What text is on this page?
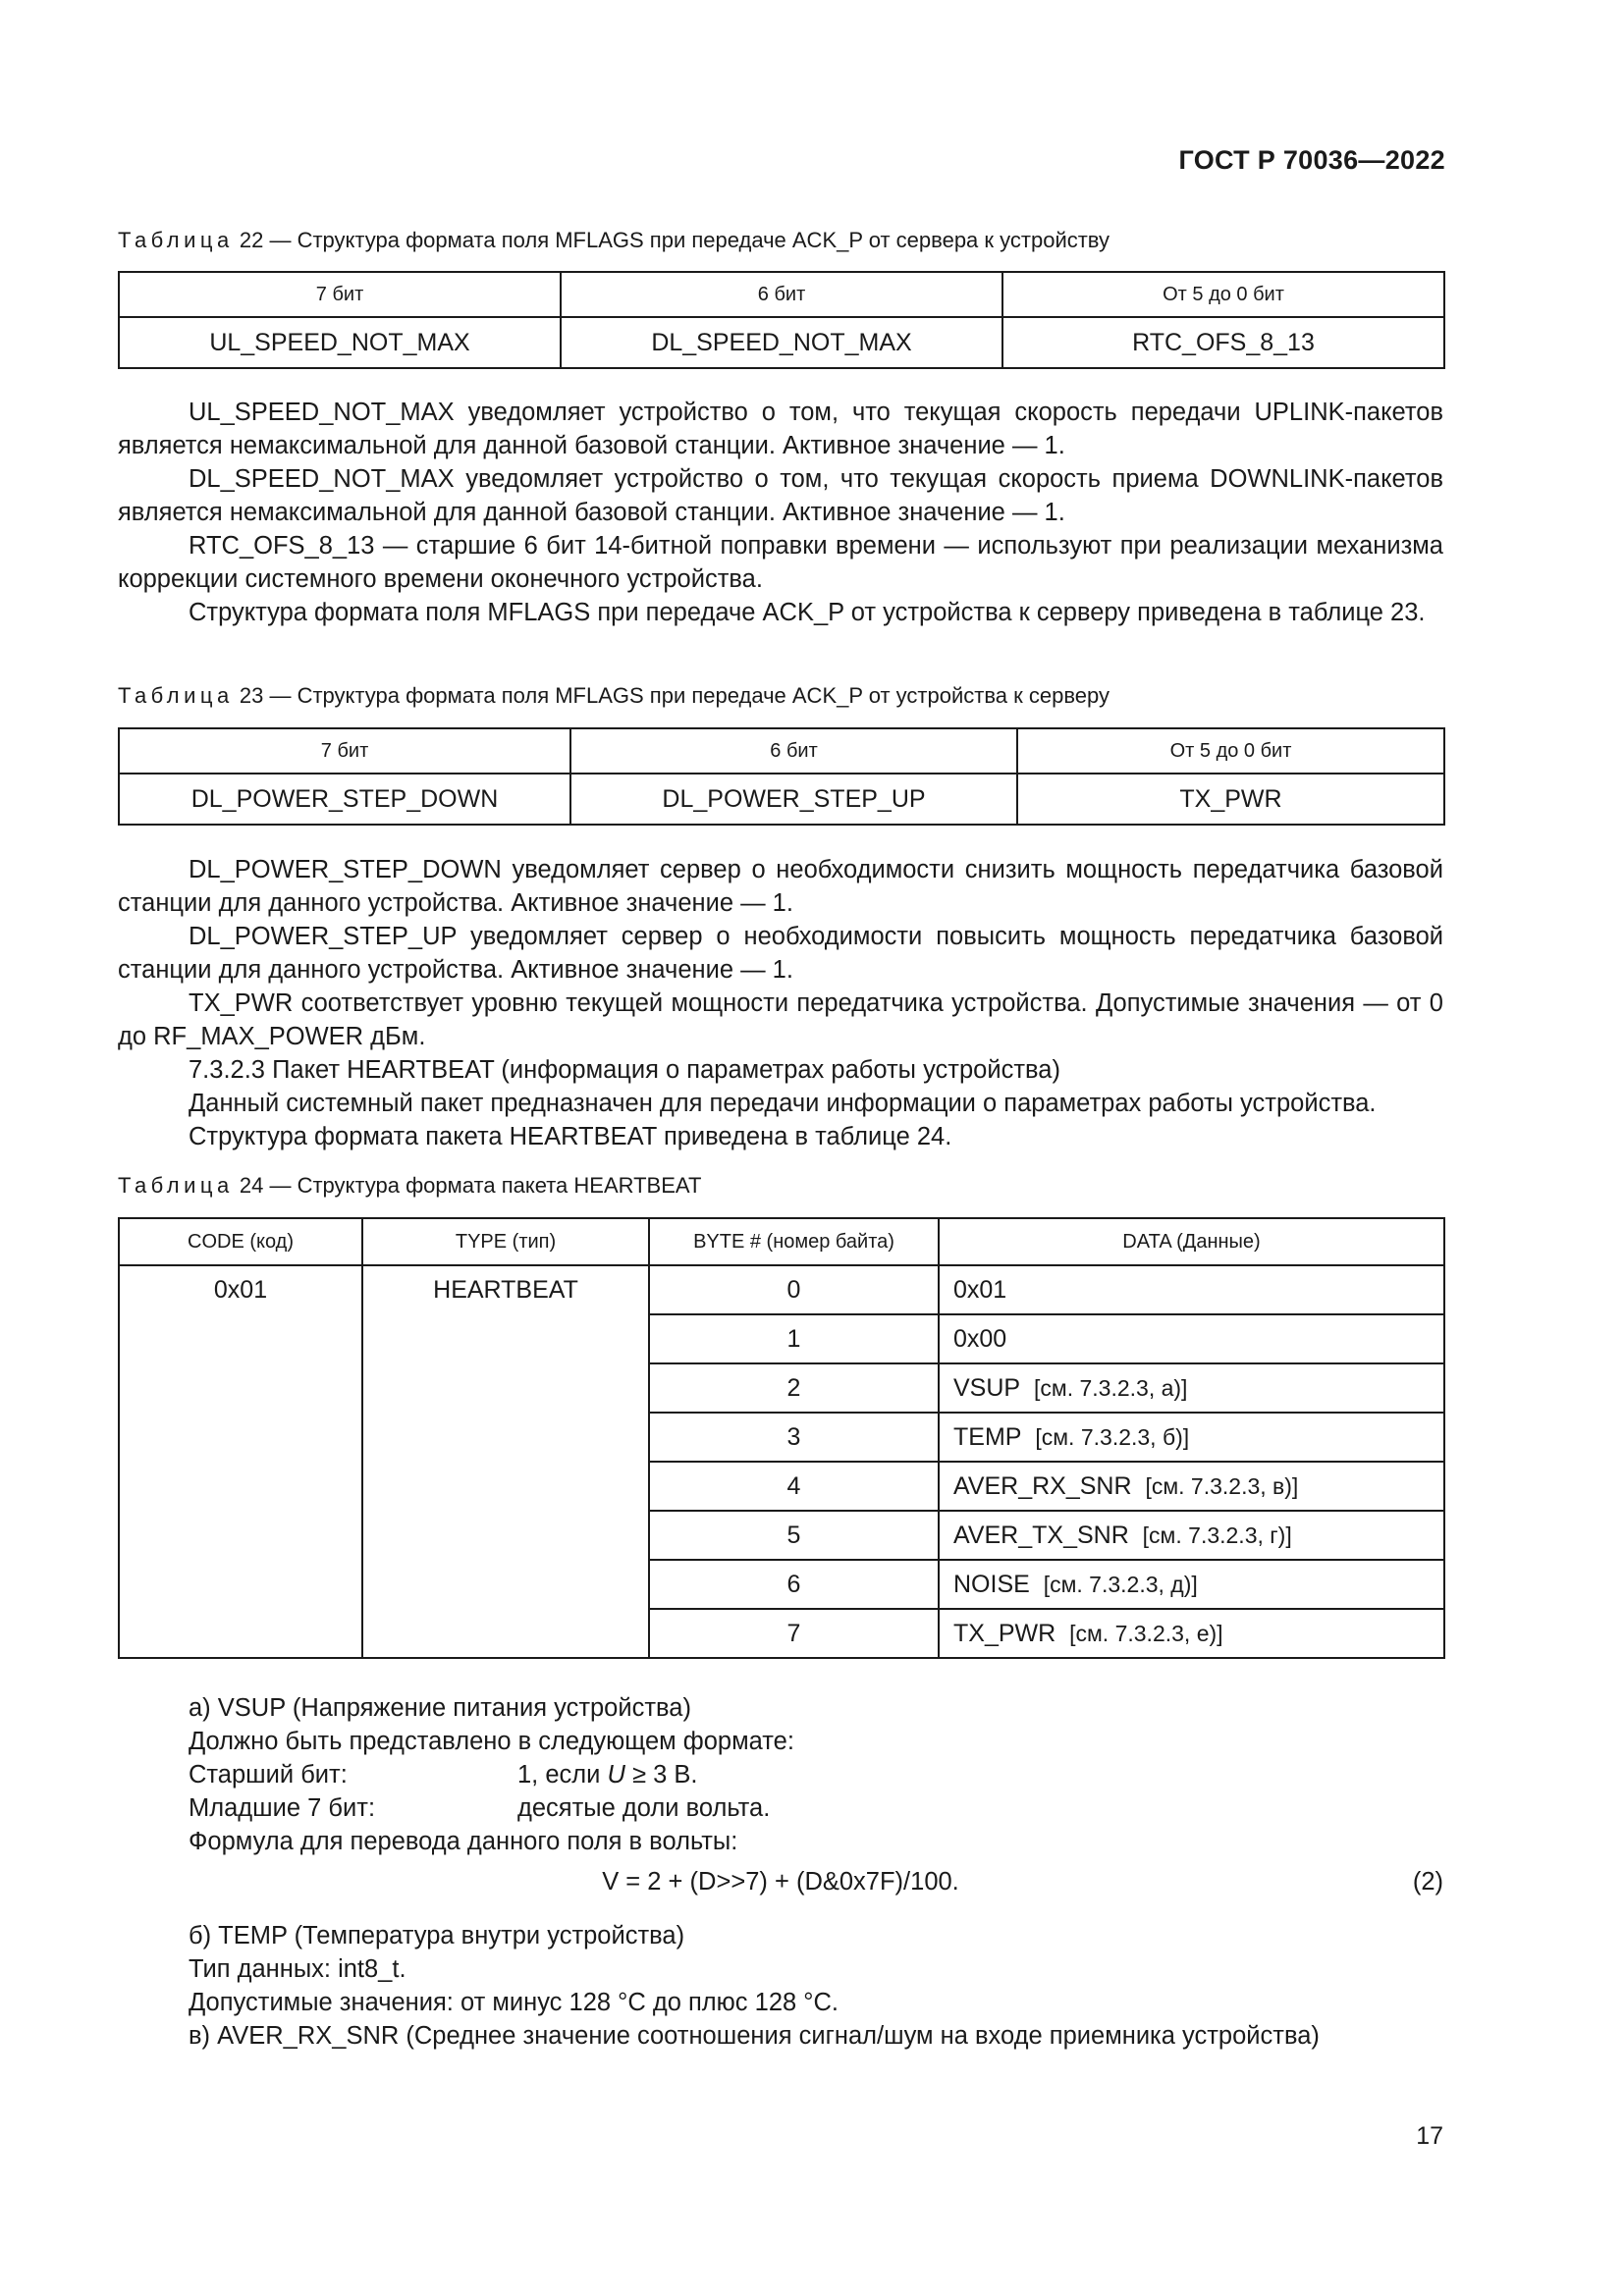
ГОСТ Р 70036—2022
Таблица 22 — Структура формата поля MFLAGS при передаче ACK_P от сервера к устройству
7 бит	6 бит	От 5 до 0 бит
UL_SPEED_NOT_MAX	DL_SPEED_NOT_MAX	RTC_OFS_8_13

UL_SPEED_NOT_MAX уведомляет устройство о том, что текущая скорость передачи UPLINK-пакетов является немаксимальной для данной базовой станции. Активное значение — 1.

DL_SPEED_NOT_MAX уведомляет устройство о том, что текущая скорость приема DOWNLINK-пакетов является немаксимальной для данной базовой станции. Активное значение — 1.

RTC_OFS_8_13 — старшие 6 бит 14-битной поправки времени — используют при реализации механизма коррекции системного времени оконечного устройства.

Структура формата поля MFLAGS при передаче ACK_P от устройства к серверу приведена в таблице 23.

Таблица 23 — Структура формата поля MFLAGS при передаче ACK_P от устройства к серверу
7 бит	6 бит	От 5 до 0 бит
DL_POWER_STEP_DOWN	DL_POWER_STEP_UP	TX_PWR

DL_POWER_STEP_DOWN уведомляет сервер о необходимости снизить мощность передатчика базовой станции для данного устройства. Активное значение — 1.

DL_POWER_STEP_UP уведомляет сервер о необходимости повысить мощность передатчика базовой станции для данного устройства. Активное значение — 1.

TX_PWR соответствует уровню текущей мощности передатчика устройства. Допустимые значения — от 0 до RF_MAX_POWER дБм.

7.3.2.3 Пакет HEARTBEAT (информация о параметрах работы устройства)

Данный системный пакет предназначен для передачи информации о параметрах работы устройства.

Структура формата пакета HEARTBEAT приведена в таблице 24.

Таблица 24 — Структура формата пакета HEARTBEAT
CODE (код)	TYPE (тип)	BYTE # (номер байта)	DATA (Данные)
0x01	HEARTBEAT	0	0x01
		1	0x00
		2	VSUP [см. 7.3.2.3, а)]
		3	TEMP [см. 7.3.2.3, б)]
		4	AVER_RX_SNR [см. 7.3.2.3, в)]
		5	AVER_TX_SNR [см. 7.3.2.3, г)]
		6	NOISE [см. 7.3.2.3, д)]
		7	TX_PWR [см. 7.3.2.3, е)]
а) VSUP (Напряжение питания устройства)
Должно быть представлено в следующем формате:
Старший бит:	1, если U ≥ 3 В.
Младшие 7 бит:	десятые доли вольта.
Формула для перевода данного поля в вольты:
V = 2 + (D>>7) + (D&0x7F)/100.	(2)
б) TEMP (Температура внутри устройства)
Тип данных: int8_t.
Допустимые значения: от минус 128 °С до плюс 128 °С.
в) AVER_RX_SNR (Среднее значение соотношения сигнал/шум на входе приемника устройства)
17
